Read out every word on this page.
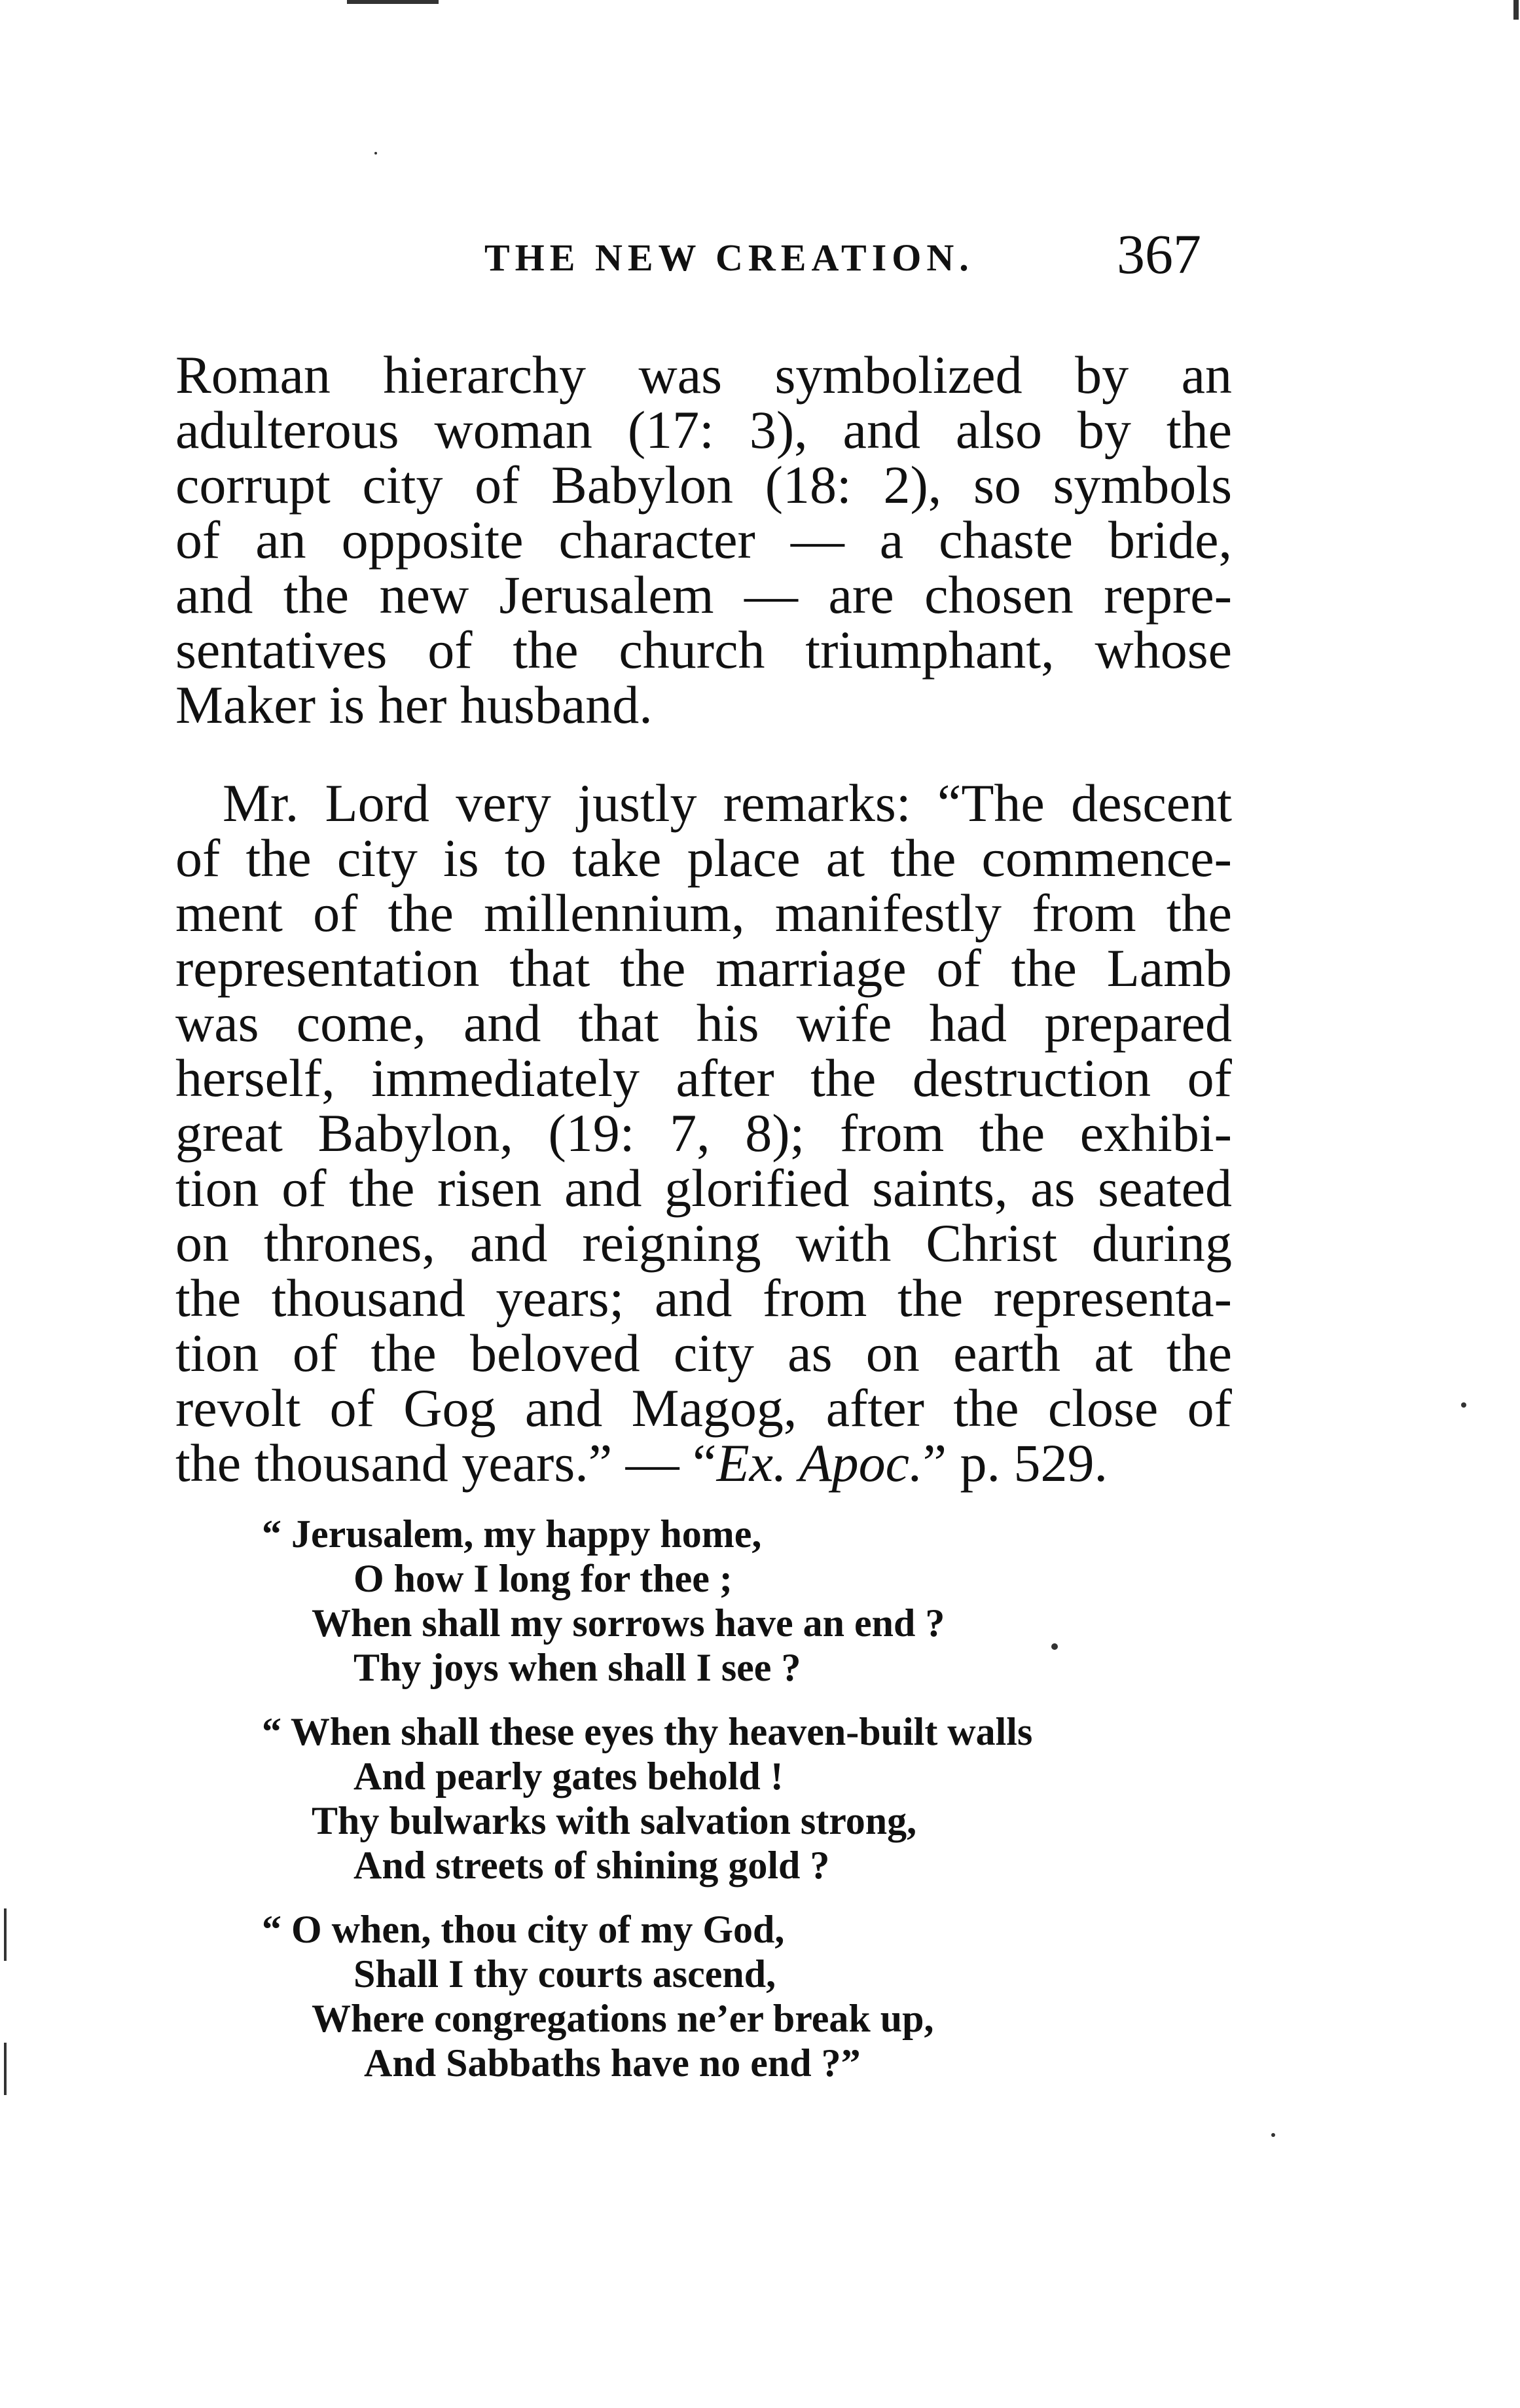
THE NEW CREATION.	367
Roman hierarchy was symbolized by an
adulterous woman (17: 3), and also by the
corrupt city of Babylon (18: 2), so symbols
of an opposite character — a chaste bride,
and the new Jerusalem — are chosen repre-
sentatives of the church triumphant, whose
Maker is her husband.
Mr. Lord very justly remarks: “The descent
of the city is to take place at the commence-
ment of the millennium, manifestly from the
representation that the marriage of the Lamb
was come, and that his wife had prepared
herself, immediately after the destruction of
great Babylon, (19: 7, 8); from the exhibi-
tion of the risen and glorified saints, as seated
on thrones, and reigning with Christ during
the thousand years; and from the representa-
tion of the beloved city as on earth at the
revolt of Gog and Magog, after the close of
the thousand years.” — “Ex. Apoc.” p. 529.
“ Jerusalem, my happy home,
O how I long for thee ;
When shall my sorrows have an end ?
Thy joys when shall I see ?
“ When shall these eyes thy heaven-built walls
And pearly gates behold !
Thy bulwarks with salvation strong,
And streets of shining gold ?
“ O when, thou city of my God,
Shall I thy courts ascend,
Where congregations ne’er break up,
And Sabbaths have no end ?”
